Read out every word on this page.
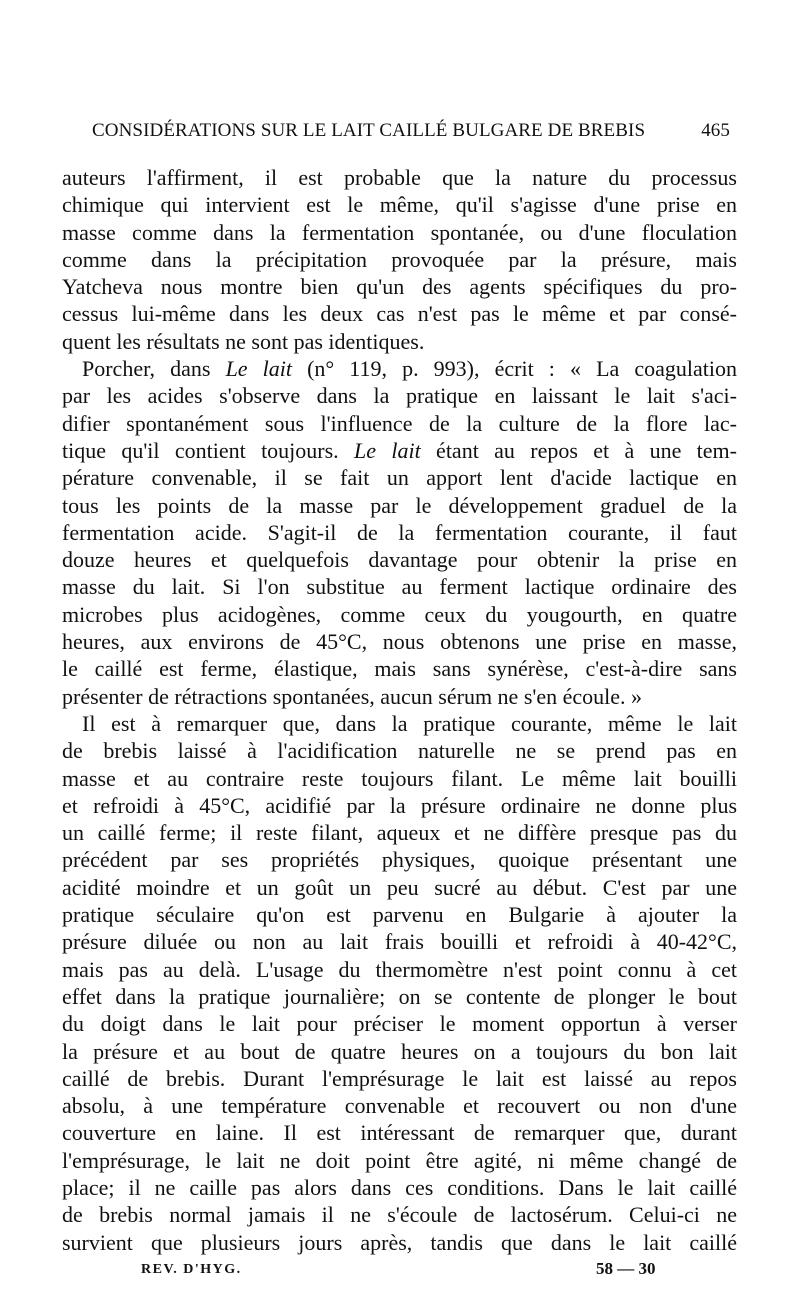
CONSIDÉRATIONS SUR LE LAIT CAILLÉ BULGARE DE BREBIS	465
auteurs l'affirment, il est probable que la nature du processus
chimique qui intervient est le même, qu'il s'agisse d'une prise en
masse comme dans la fermentation spontanée, ou d'une floculation
comme dans la précipitation provoquée par la présure, mais
Yatcheva nous montre bien qu'un des agents spécifiques du pro-
cessus lui-même dans les deux cas n'est pas le même et par consé-
quent les résultats ne sont pas identiques.
Porcher, dans Le lait (n° 119, p. 993), écrit : « La coagulation
par les acides s'observe dans la pratique en laissant le lait s'aci-
difier spontanément sous l'influence de la culture de la flore lac-
tique qu'il contient toujours. Le lait étant au repos et à une tem-
pérature convenable, il se fait un apport lent d'acide lactique en
tous les points de la masse par le développement graduel de la
fermentation acide. S'agit-il de la fermentation courante, il faut
douze heures et quelquefois davantage pour obtenir la prise en
masse du lait. Si l'on substitue au ferment lactique ordinaire des
microbes plus acidogènes, comme ceux du yougourth, en quatre
heures, aux environs de 45°C, nous obtenons une prise en masse,
le caillé est ferme, élastique, mais sans synérèse, c'est-à-dire sans
présenter de rétractions spontanées, aucun sérum ne s'en écoule. »
Il est à remarquer que, dans la pratique courante, même le lait
de brebis laissé à l'acidification naturelle ne se prend pas en
masse et au contraire reste toujours filant. Le même lait bouilli
et refroidi à 45°C, acidifié par la présure ordinaire ne donne plus
un caillé ferme; il reste filant, aqueux et ne diffère presque pas du
précédent par ses propriétés physiques, quoique présentant une
acidité moindre et un goût un peu sucré au début. C'est par une
pratique séculaire qu'on est parvenu en Bulgarie à ajouter la
présure diluée ou non au lait frais bouilli et refroidi à 40-42°C,
mais pas au delà. L'usage du thermomètre n'est point connu à cet
effet dans la pratique journalière; on se contente de plonger le bout
du doigt dans le lait pour préciser le moment opportun à verser
la présure et au bout de quatre heures on a toujours du bon lait
caillé de brebis. Durant l'emprésurage le lait est laissé au repos
absolu, à une température convenable et recouvert ou non d'une
couverture en laine. Il est intéressant de remarquer que, durant
l'emprésurage, le lait ne doit point être agité, ni même changé de
place; il ne caille pas alors dans ces conditions. Dans le lait caillé
de brebis normal jamais il ne s'écoule de lactosérum. Celui-ci ne
survient que plusieurs jours après, tandis que dans le lait caillé
REV. D'HYG.	58 — 30
